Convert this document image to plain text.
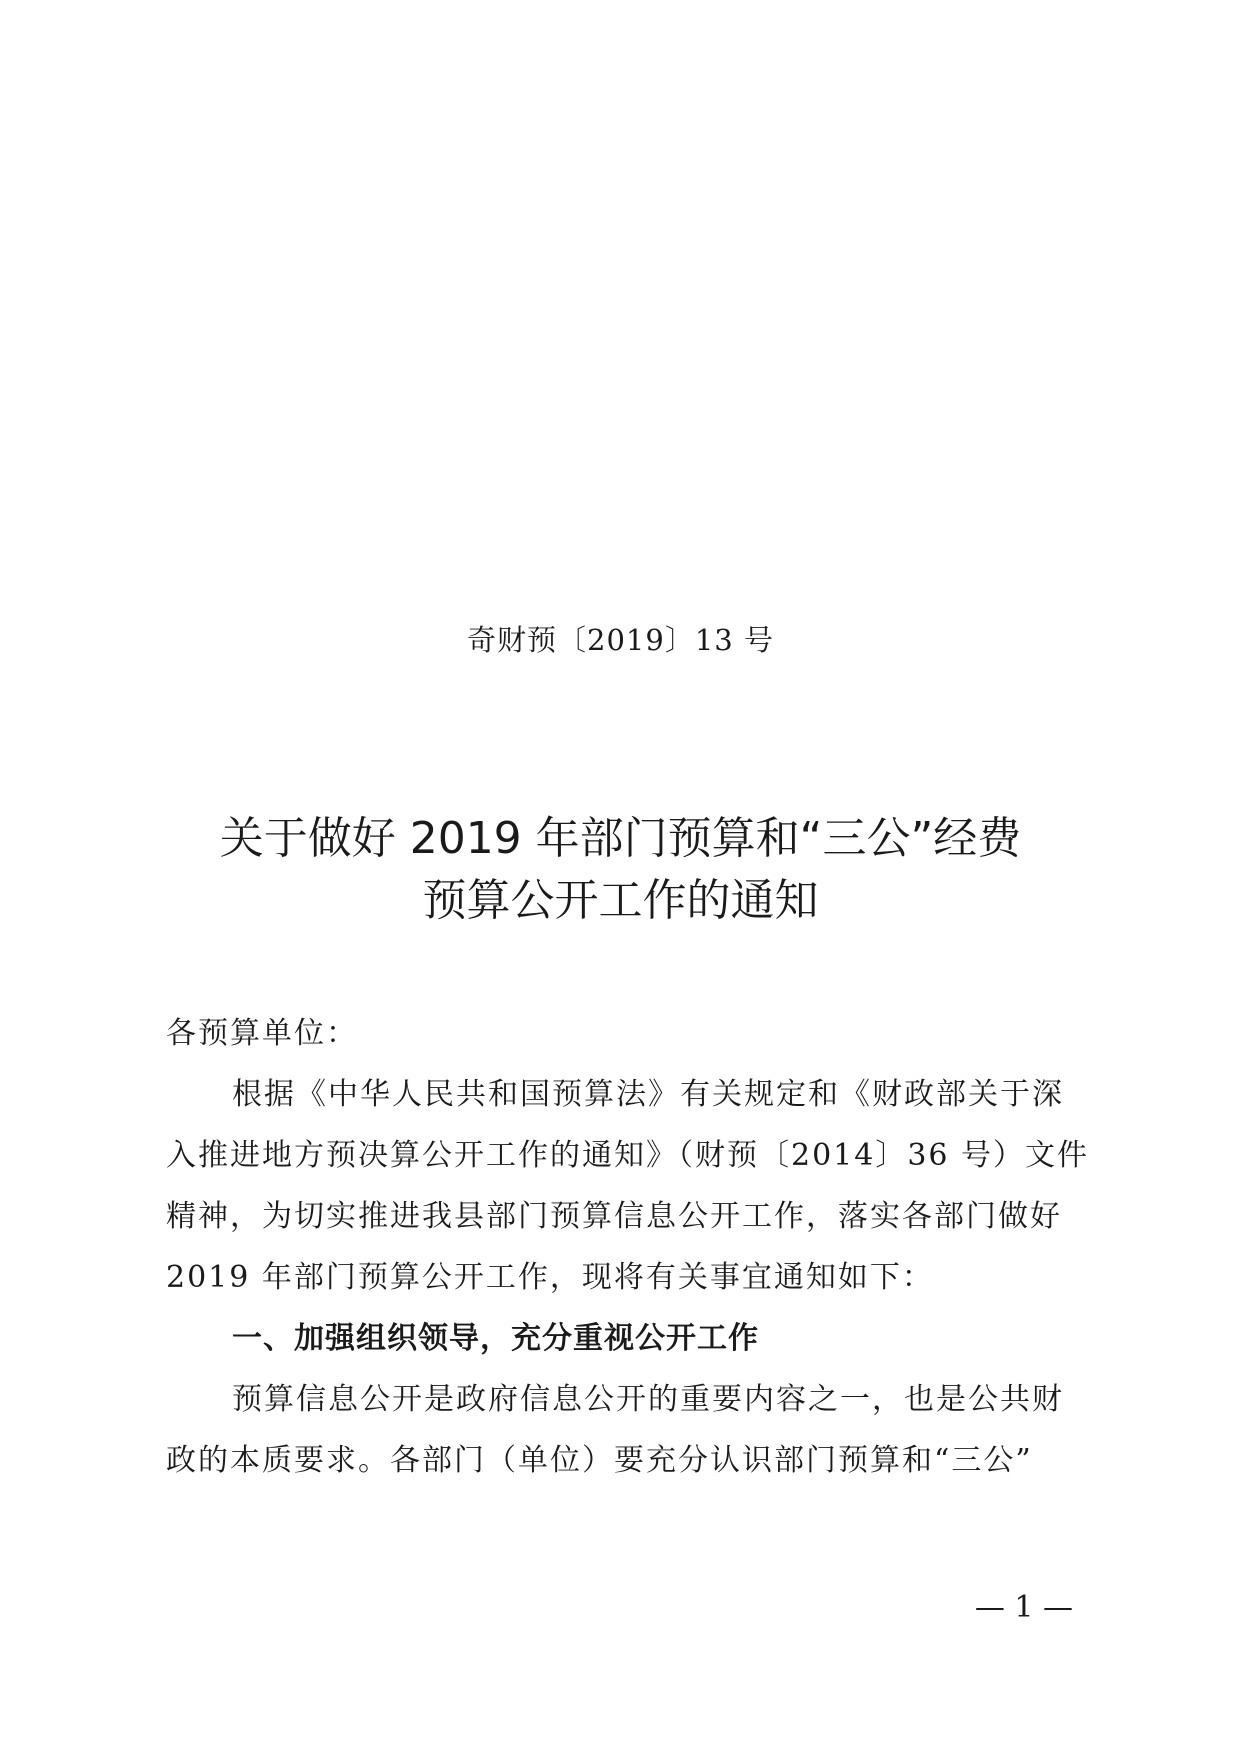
奇财预〔2019〕13 号
关于做好 2019 年部门预算和“三公”经费
预算公开工作的通知

各预算单位：

根据《中华人民共和国预算法》有关规定和《财政部关于深

入推进地方预决算公开工作的通知》（财预〔2014〕36 号）文件

精神，为切实推进我县部门预算信息公开工作，落实各部门做好

2019 年部门预算公开工作，现将有关事宜通知如下：

一、加强组织领导，充分重视公开工作

预算信息公开是政府信息公开的重要内容之一，也是公共财

政的本质要求。各部门（单位）要充分认识部门预算和“三公”

— 1 —
